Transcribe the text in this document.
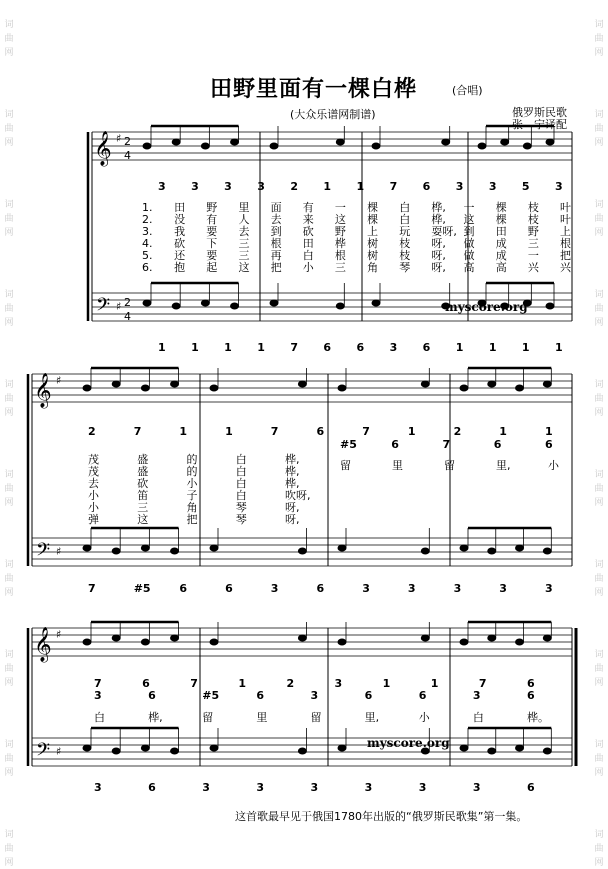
词
曲
网
词
曲
网
词
曲
网
词
曲
网
词
曲
网
词
曲
网
词
曲
网
词
曲
网
词
曲
网
词
曲
网
词
曲
网
词
曲
网
词
曲
网
词
曲
网
词
曲
网
词
曲
网
词
曲
网
词
曲
网
词
曲
网
词
曲
网
田野里面有一棵白桦	(合唱)
(大众乐谱网制谱)	俄罗斯民歌
张　宁译配
𝄞
𝄢
♯
♯
2
4
2
4
𝄞
𝄢
♯
♯
𝄞
𝄢
♯
♯
3 3 3 3 2 1 1 7 6 3 3 5 3
1. 田 野 里 面 有 一 棵 白 桦, 一 棵 枝 叶
2. 没 有 人 去 来 这 棵 白 桦, 这 棵 枝 叶
3. 我 要 去 到 砍 野 上 玩 耍呀, 到 田 野 上
4. 砍 下 三 根 田 桦 树 枝 呀, 做 成 三 根
5. 还 要 三 再 白 根 树 枝 呀, 做 成 一 把
6. 抱 起 这 把 小 三 角 琴 呀, 高 高 兴 兴
1 1 1 1 7 6 6 3 6 1 1 1 1
2	7	1	1	7	6	7	1	2	1	1
#5	6	7	6	6
茂	盛	的	白	桦,
茂	盛	的	白	桦,
去	砍	小	白	桦,
小	笛	子	白	吹呀,
小	三	角	琴	呀,
弹	这	把	琴	呀,
留	里	留	里,	小
7	#5	6	6	3	6	3	3	3	3	3
7	6	7	1	2	3	1	1	7	6
3	6	#5	6	3	6	6	3	6
白	桦,	留	里	留	里,	小	白	桦。
3	6	3	3	3	3	3	3	6
myscore.org
myscore.org
这首歌最早见于俄国1780年出版的“俄罗斯民歌集”第一集。
